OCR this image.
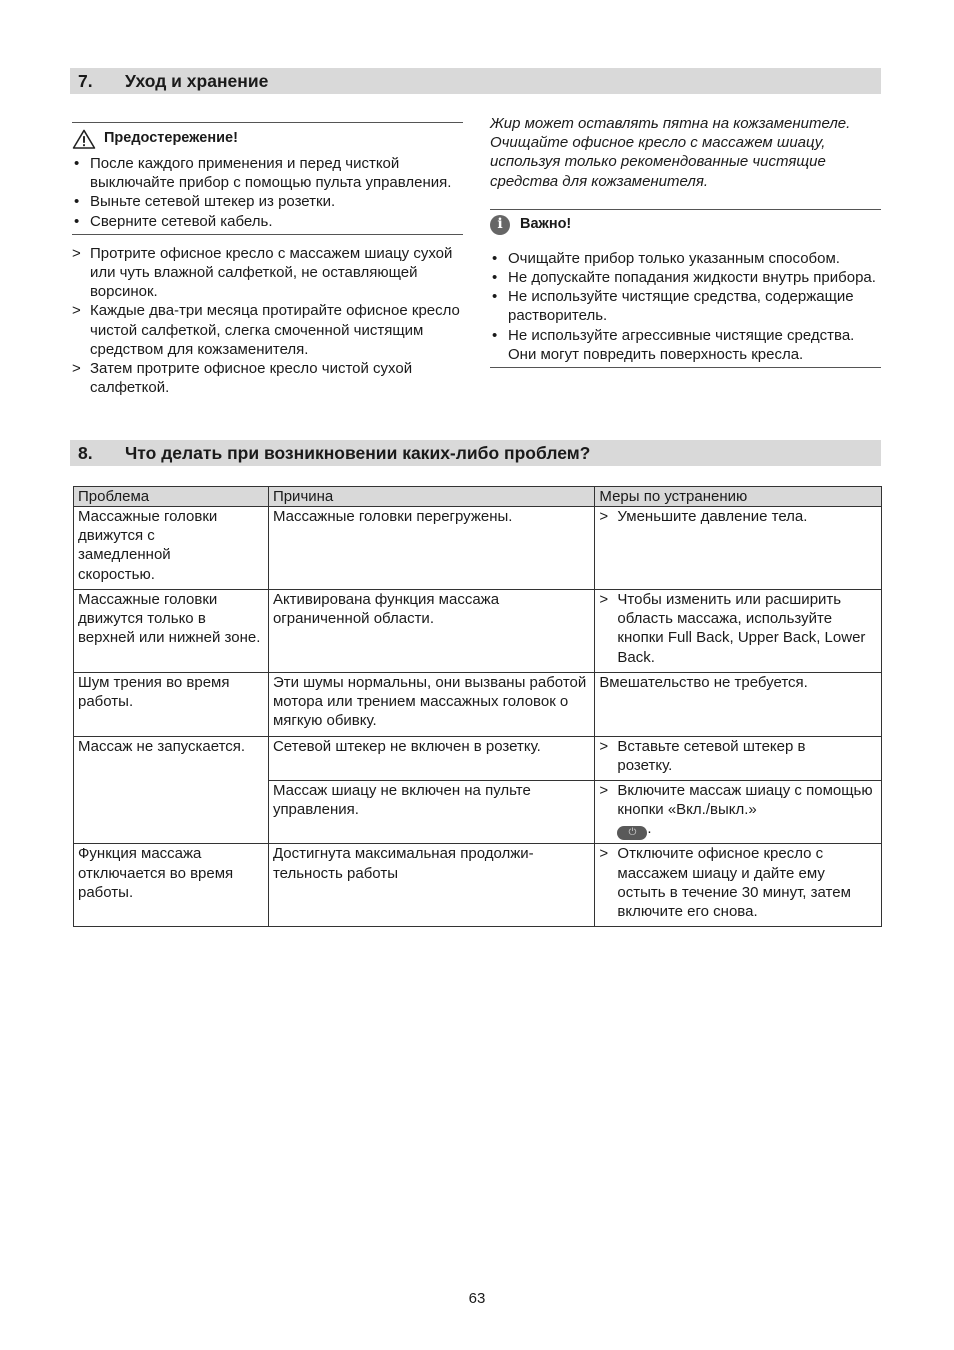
7. Уход и хранение
Предостережение!
• После каждого применения и перед чисткой выключайте прибор с помощью пульта управления.
• Выньте сетевой штекер из розетки.
• Сверните сетевой кабель.
> Протрите офисное кресло с массажем шиацу сухой или чуть влажной салфеткой, не оставляющей ворсинок.
> Каждые два-три месяца протирайте офисное кресло чистой салфеткой, слегка смоченной чистящим средством для кожзаменителя.
> Затем протрите офисное кресло чистой сухой салфеткой.

Жир может оставлять пятна на кожзаменителе.

Очищайте офисное кресло с массажем шиацу, используя только рекомендованные чистящие средства для кожзаменителя.

i	Важно!
• Очищайте прибор только указанным способом.
• Не допускайте попадания жидкости внутрь прибора.
• Не используйте чистящие средства, содержащие растворитель.
• Не используйте агрессивные чистящие средства.
Они могут повредить поверхность кресла.
8. Что делать при возникновении каких-либо проблем?
Проблема	Причина	Меры по устранению
Массажные головки движутся с замедленной скоростью.	Массажные головки перегружены.	> Уменьшите давление тела.

Массажные головки движутся только в верхней или нижней зоне.	Активирована функция массажа ограниченной области.	> Чтобы изменить или расширить область массажа, используйте кнопки Full Back, Upper Back, Lower Back.

Шум трения во время работы.	Эти шумы нормальны, они вызваны работой мотора или трением массажных головок о мягкую обивку.	Вмешательство не требуется.
Массаж не запускается.	Сетевой штекер не включен в розетку.	> Вставьте сетевой штекер в розетку.

	Массаж шиацу не включен на пульте управления.	> Включите массаж шиацу с помощью кнопки «Вкл./выкл.»
⏻ .

Функция массажа отключается во время работы.	Достигнута максимальная продолжи-тельность работы	> Отключите офисное кресло с массажем шиацу и дайте ему остыть в течение 30 минут, затем включите его снова.
63
